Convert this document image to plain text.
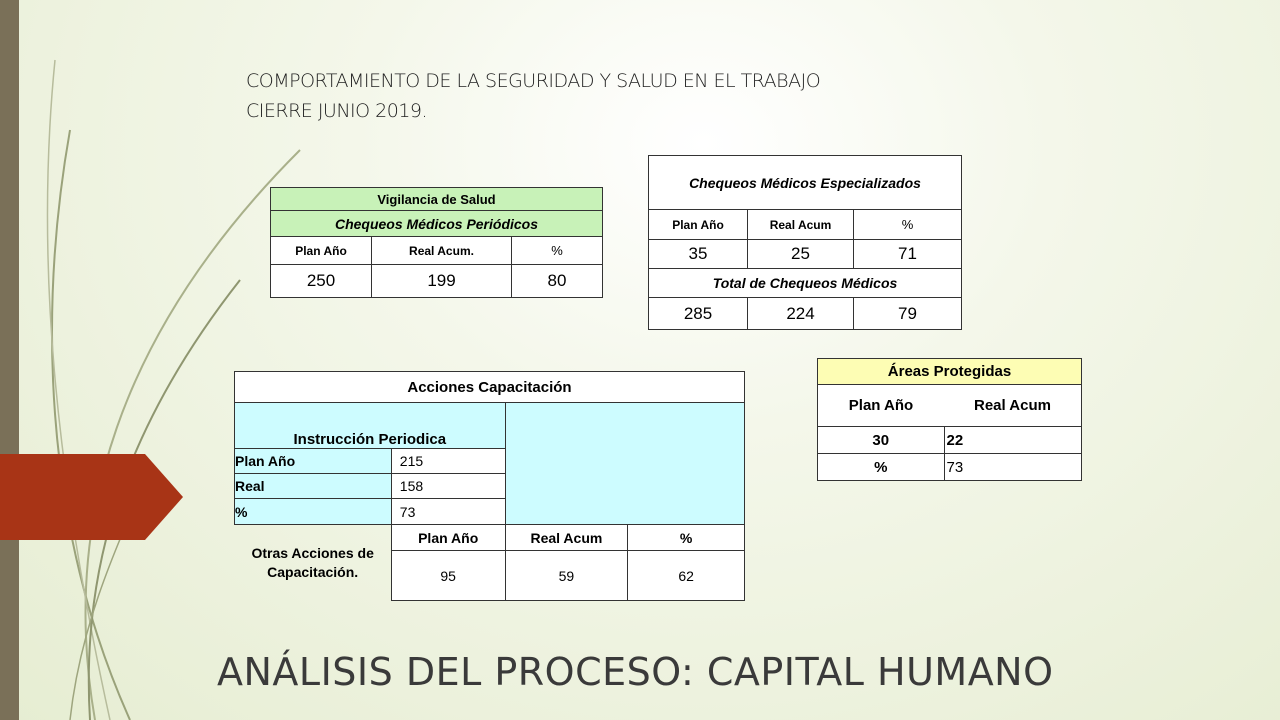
COMPORTAMIENTO DE LA SEGURIDAD Y SALUD EN EL TRABAJO
CIERRE JUNIO 2019.
Vigilancia de Salud		
Chequeos Médicos Periódicos		
Plan Año	Real Acum.	%
250	199	80
Chequeos Médicos Especializados		
Plan Año	Real Acum	%
35	25	71
Total de Chequeos Médicos		
285	224	79
Acciones Capacitación			
Instrucción Periodica			
Plan Año	215		
Real	158		
%	73		
Otras Acciones de Capacitación.	Plan Año	Real Acum	%
	95	59	62
Áreas Protegidas	
Plan Año	Real Acum
30	22
%	73
ANÁLISIS DEL PROCESO: CAPITAL HUMANO
